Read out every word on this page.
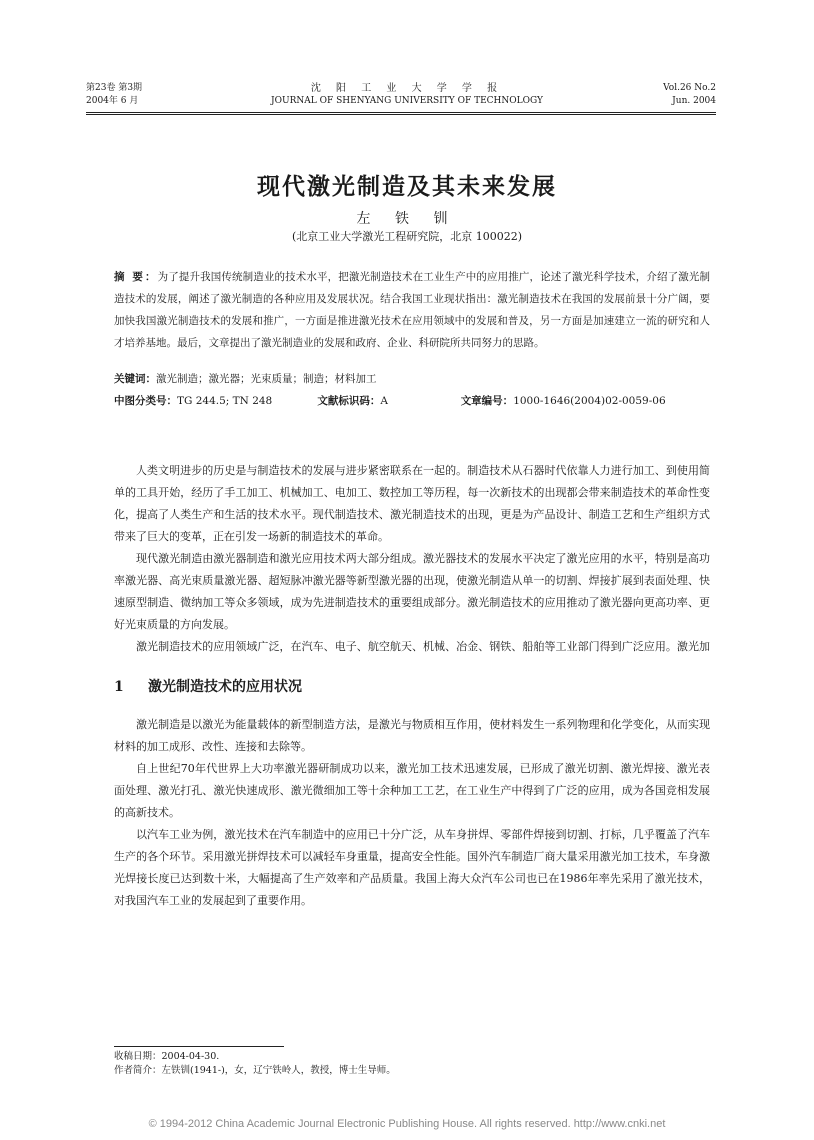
第23卷 第3期
2004年 6 月
沈 阳 工 业 大 学 学 报
JOURNAL OF SHENYANG UNIVERSITY OF TECHNOLOGY
Vol.26 No.2
Jun. 2004
现代激光制造及其未来发展
左 铁 钏
(北京工业大学激光工程研究院，北京 100022)
摘 要：为了提升我国传统制造业的技术水平，把激光制造技术在工业生产中的应用推广，论述了激光科学技术，介绍了激光制造技术的发展，阐述了激光制造的各种应用及发展状况。结合我国工业现状指出：激光制造技术在我国的发展前景十分广阔，要加快我国激光制造技术的发展和推广，一方面是推进激光技术在应用领域中的发展和普及，另一方面是加速建立一流的研究和人才培养基地。最后，文章提出了激光制造业的发展和政府、企业、科研院所共同努力的思路。
关键词：激光制造；激光器；光束质量；制造；材料加工
中图分类号：TG 244.5; TN 248	文献标识码：A	文章编号：1000-1646(2004)02-0059-06

人类文明进步的历史是与制造技术的发展与进步紧密联系在一起的。制造技术从石器时代依靠人力进行加工、到使用简单的工具开始，经历了手工加工、机械加工、电加工、数控加工等历程，每一次新技术的出现都会带来制造技术的革命性变化，提高了人类生产和生活的技术水平。现代制造技术、激光制造技术的出现，更是为产品设计、制造工艺和生产组织方式带来了巨大的变革，正在引发一场新的制造技术的革命。

现代激光制造由激光器制造和激光应用技术两大部分组成。激光器技术的发展水平决定了激光应用的水平，特别是高功率激光器、高光束质量激光器、超短脉冲激光器等新型激光器的出现，使激光制造从单一的切割、焊接扩展到表面处理、快速原型制造、微纳加工等众多领域，成为先进制造技术的重要组成部分。激光制造技术的应用推动了激光器向更高功率、更好光束质量的方向发展。

激光制造技术的应用领域广泛，在汽车、电子、航空航天、机械、冶金、钢铁、船舶等工业部门得到广泛应用。激光加

1 激光制造技术的应用状况

激光制造是以激光为能量载体的新型制造方法，是激光与物质相互作用，使材料发生一系列物理和化学变化，从而实现材料的加工成形、改性、连接和去除等。

自上世纪70年代世界上大功率激光器研制成功以来，激光加工技术迅速发展，已形成了激光切割、激光焊接、激光表面处理、激光打孔、激光快速成形、激光微细加工等十余种加工工艺，在工业生产中得到了广泛的应用，成为各国竞相发展的高新技术。

以汽车工业为例，激光技术在汽车制造中的应用已十分广泛，从车身拼焊、零部件焊接到切割、打标，几乎覆盖了汽车生产的各个环节。采用激光拼焊技术可以减轻车身重量，提高安全性能。国外汽车制造厂商大量采用激光加工技术，车身激光焊接长度已达到数十米，大幅提高了生产效率和产品质量。我国上海大众汽车公司也已在1986年率先采用了激光技术，对我国汽车工业的发展起到了重要作用。

收稿日期：2004-04-30.
作者简介：左铁钏(1941-)，女，辽宁铁岭人，教授，博士生导师。
© 1994-2012 China Academic Journal Electronic Publishing House. All rights reserved. http://www.cnki.net
